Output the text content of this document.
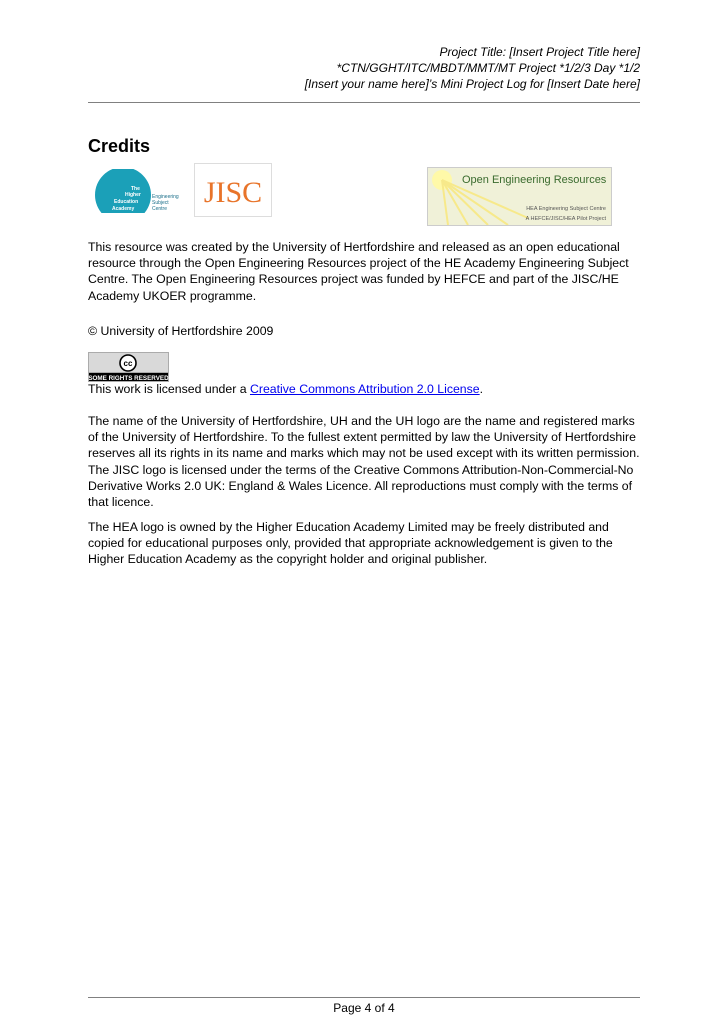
Project Title: [Insert Project Title here]
*CTN/GGHT/ITC/MBDT/MMT/MT Project *1/2/3 Day *1/2
[Insert your name here]’s Mini Project Log for [Insert Date here]
Credits
The
Higher
Education
Academy
Engineering
Subject
Centre JISC	Open Engineering Resources
HEA Engineering Subject Centre
A HEFCE/JISC/HEA Pilot Project

This resource was created by the University of Hertfordshire and released as an open educational resource through the Open Engineering Resources project of the HE Academy Engineering Subject Centre. The Open Engineering Resources project was funded by HEFCE and part of the JISC/HE Academy UKOER programme.

© University of Hertfordshire 2009

cc
SOME RIGHTS RESERVED

This work is licensed under a Creative Commons Attribution 2.0 License.

The name of the University of Hertfordshire, UH and the UH logo are the name and registered marks of the University of Hertfordshire. To the fullest extent permitted by law the University of Hertfordshire reserves all its rights in its name and marks which may not be used except with its written permission.

The JISC logo is licensed under the terms of the Creative Commons Attribution-Non-Commercial-No Derivative Works 2.0 UK: England & Wales Licence. All reproductions must comply with the terms of that licence.

The HEA logo is owned by the Higher Education Academy Limited may be freely distributed and copied for educational purposes only, provided that appropriate acknowledgement is given to the Higher Education Academy as the copyright holder and original publisher.

Page 4 of 4
